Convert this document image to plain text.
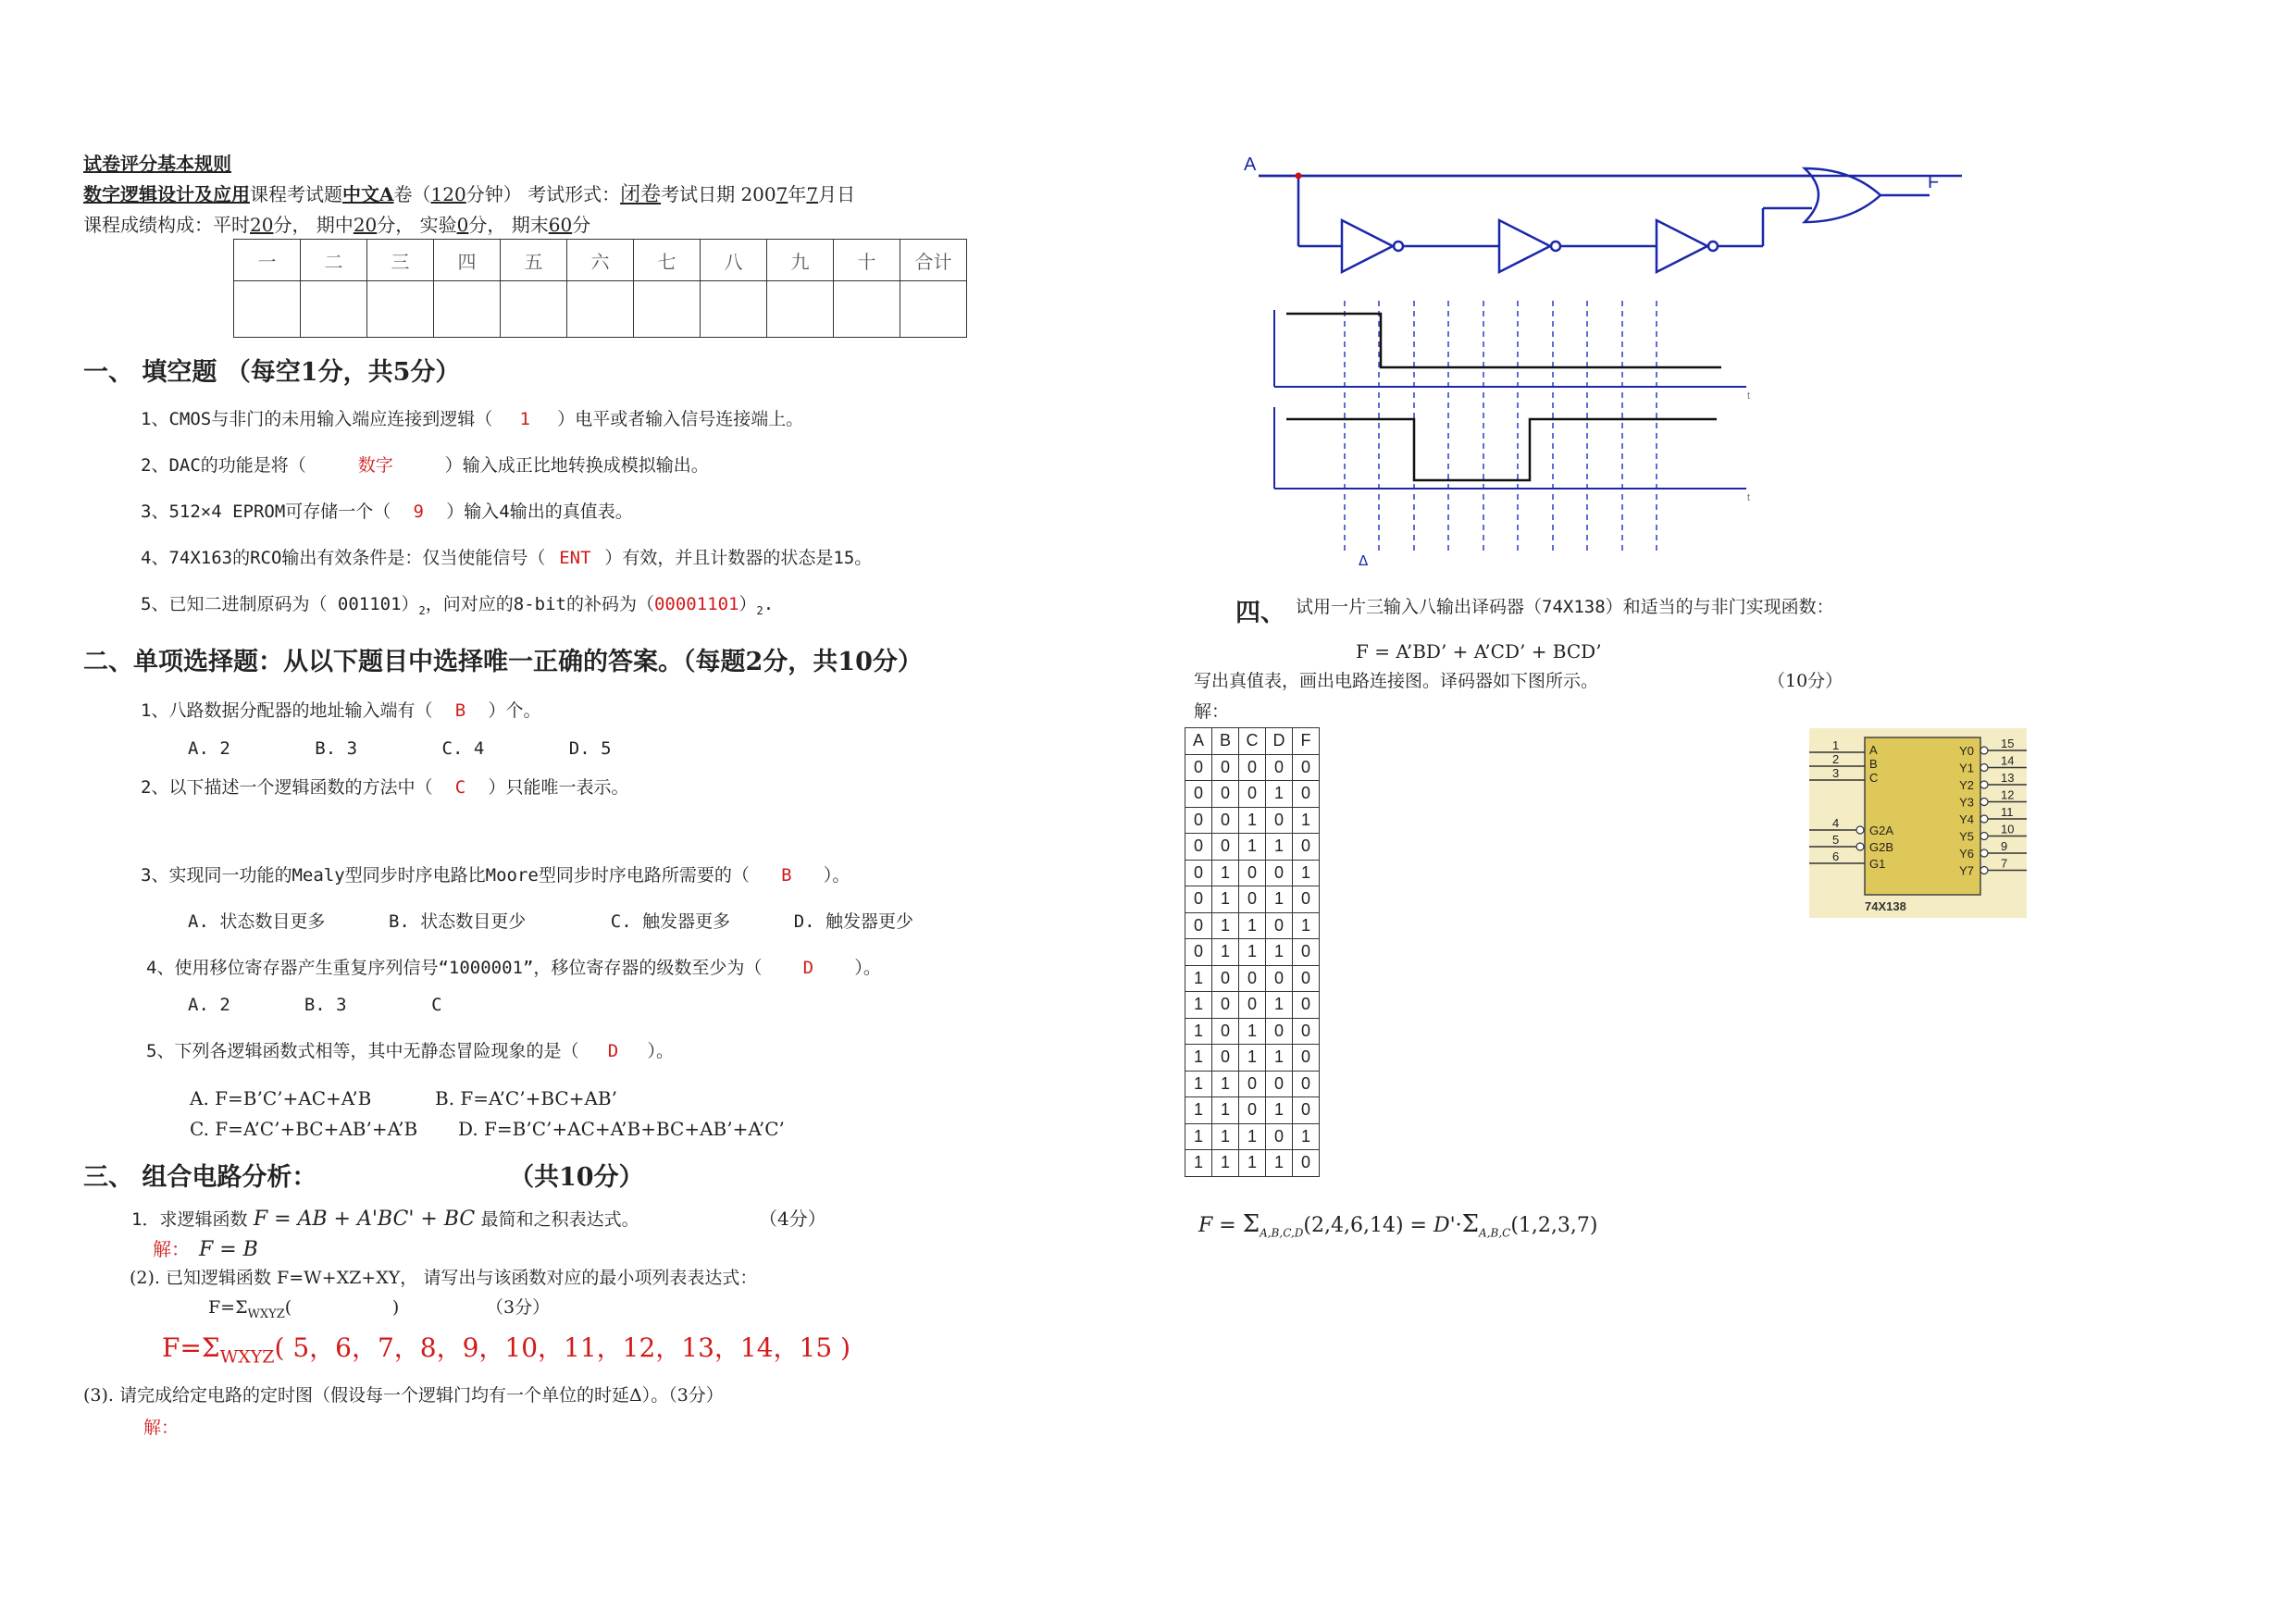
试卷评分基本规则
数字逻辑设计及应用课程考试题中文A卷（120分钟） 考试形式：闭卷考试日期 2007年7月日
课程成绩构成：平时20分， 期中20分， 实验0分， 期末60分
一	二	三	四	五	六	七	八	九	十	合计

一、 填空题 （每空1分，共5分）
1、CMOS与非门的未用输入端应连接到逻辑（ 1 ）电平或者输入信号连接端上。
2、DAC的功能是将（	数字	）输入成正比地转换成模拟输出。
3、512×4 EPROM可存储一个（ 9 ）输入4输出的真值表。
4、74X163的RCO输出有效条件是：仅当使能信号（ ENT ）有效，并且计数器的状态是15。
5、已知二进制原码为（ $001101)_2$，问对应的8-bit的补码为$(00001101)_2$.
二、单项选择题：从以下题目中选择唯一正确的答案。（每题2分，共10分）
1、八路数据分配器的地址输入端有（ B ）个。
A. 2        B. 3        C. 4        D. 5
2、以下描述一个逻辑函数的方法中（ C ）只能唯一表示。
3、实现同一功能的Mealy型同步时序电路比Moore型同步时序电路所需要的（ B ）。
A. 状态数目更多      B. 状态数目更少        C. 触发器更多      D. 触发器更少
4、使用移位寄存器产生重复序列信号“1000001”，移位寄存器的级数至少为（ D ）。
A. 2       B. 3        C
5、下列各逻辑函数式相等，其中无静态冒险现象的是（ D ）。
A. F=B’C’+AC+A’B	B. F=A’C’+BC+AB’
C. F=A’C’+BC+AB’+A’B D. F=B’C’+AC+A’B+BC+AB’+A’C’
三、 组合电路分析：	（共10分）
1．求逻辑函数 F = AB + A'BC' + BC 最简和之积表达式。	（4分）
解： F = B
(2). 已知逻辑函数 F=W+XZ+XY， 请写出与该函数对应的最小项列表表达式：
$F=\Sigma_{WXYZ}$(                  )	（3分）
$F=\Sigma_{WXYZ}$( 5，6，7，8，9，10，11，12，13，14，15 )
(3). 请完成给定电路的定时图（假设每一个逻辑门均有一个单位的时延Δ）。（3分）
解：
A
F
t
t
Δ
四、 试用一片三输入八输出译码器（74X138）和适当的与非门实现函数：
F = A’BD’ + A’CD’ + BCD’
写出真值表，画出电路连接图。译码器如下图所示。	（10分）
解：
A	B	C	D	F
0	0	0	0	0
0	0	0	1	0
0	0	1	0	1
0	0	1	1	0
0	1	0	0	1
0	1	0	1	0
0	1	1	0	1
0	1	1	1	0
1	0	0	0	0
1	0	0	1	0
1	0	1	0	0
1	0	1	1	0
1	1	0	0	0
1	1	0	1	0
1	1	1	0	1
1	1	1	1	0
$F = \Sigma_{A,B,C,D}(2,4,6,14) = D'\cdot\Sigma_{A,B,C}(1,2,3,7)$
1	A
2	B
3	C
4
G2A
5
G2B
6
G1
Y0
15
Y1
14
Y2
13
Y3
12
Y4
11
Y5
10
Y6
9
Y7
7
74X138
